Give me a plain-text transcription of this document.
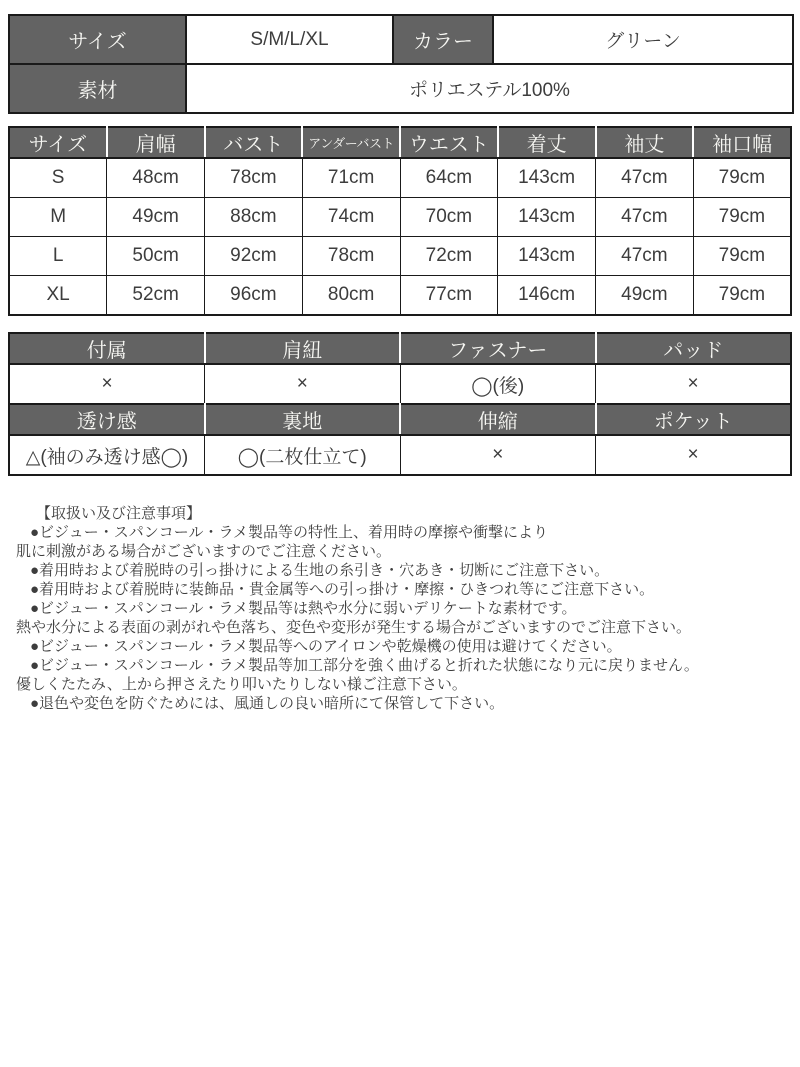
サイズ	S/M/L/XL	カラー	グリーン
素材	ポリエステル100%		
サイズ	肩幅	バスト	アンダーバスト	ウエスト	着丈	袖丈	袖口幅
S	48cm	78cm	71cm	64cm	143cm	47cm	79cm
M	49cm	88cm	74cm	70cm	143cm	47cm	79cm
L	50cm	92cm	78cm	72cm	143cm	47cm	79cm
XL	52cm	96cm	80cm	77cm	146cm	49cm	79cm
付属	肩紐	ファスナー	パッド
×	×	◯(後)	×
透け感	裏地	伸縮	ポケット
△(袖のみ透け感◯)	◯(二枚仕立て)	×	×
【取扱い及び注意事項】
●ビジュー・スパンコール・ラメ製品等の特性上、着用時の摩擦や衝撃により
肌に刺激がある場合がございますのでご注意ください。
●着用時および着脱時の引っ掛けによる生地の糸引き・穴あき・切断にご注意下さい。
●着用時および着脱時に装飾品・貴金属等への引っ掛け・摩擦・ひきつれ等にご注意下さい。
●ビジュー・スパンコール・ラメ製品等は熱や水分に弱いデリケートな素材です。
熱や水分による表面の剥がれや色落ち、変色や変形が発生する場合がございますのでご注意下さい。
●ビジュー・スパンコール・ラメ製品等へのアイロンや乾燥機の使用は避けてください。
●ビジュー・スパンコール・ラメ製品等加工部分を強く曲げると折れた状態になり元に戻りません。
優しくたたみ、上から押さえたり叩いたりしない様ご注意下さい。
●退色や変色を防ぐためには、風通しの良い暗所にて保管して下さい。
